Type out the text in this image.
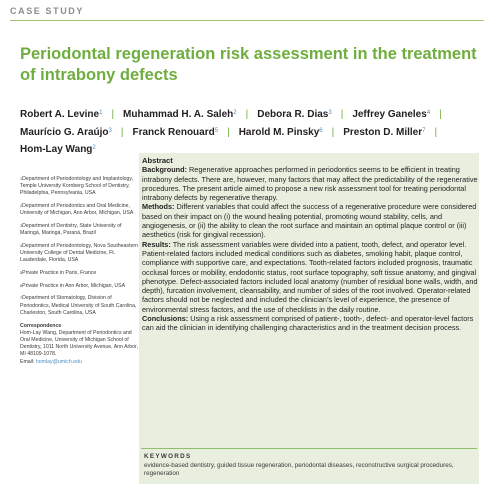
CASE STUDY
Periodontal regeneration risk assessment in the treatment of intrabony defects
Robert A. Levine$^1$ | Muhammad H. A. Saleh$^2$ | Debora R. Dias$^3$ | Jeffrey Ganeles$^4$ |
Maurício G. Araújo$^3$ | Franck Renouard$^5$ | Harold M. Pinsky$^6$ | Preston D. Miller$^7$ |
Hom-Lay Wang$^2$
$^1$Department of Periodontology and Implantology, Temple University Kornberg School of Dentistry, Philadelphia, Pennsylvania, USA
$^2$Department of Periodontics and Oral Medicine, University of Michigan, Ann Arbor, Michigan, USA
$^3$Department of Dentistry, State University of Maringá, Maringá, Paraná, Brazil
$^4$Department of Periodontology, Nova Southeastern University College of Dental Medicine, Ft. Lauderdale, Florida, USA
$^5$Private Practice in Paris, France
$^6$Private Practice in Ann Arbor, Michigan, USA
$^7$Department of Stomatology, Division of Periodontics, Medical University of South Carolina, Charleston, South Carolina, USA
Correspondence
Hom-Lay Wang, Department of Periodontics and Oral Medicine, University of Michigan School of Dentistry, 1011 North University Avenue, Ann Arbor, MI 48109-1078.
Email: homlay@umich.edu
Abstract
Background: Regenerative approaches performed in periodontics seems to be efficient in treating intrabony defects. There are, however, many factors that may affect the predictability of the regenerative procedures. The present article aimed to propose a new risk assessment tool for treating periodontal intrabony defects by regenerative therapy.
Methods: Different variables that could affect the success of a regenerative procedure were considered based on their impact on (i) the wound healing potential, promoting wound stability, cells, and angiogenesis, or (ii) the ability to clean the root surface and maintain an optimal plaque control or (iii) aesthetics (risk for gingival recession).
Results: The risk assessment variables were divided into a patient, tooth, defect, and operator level. Patient-related factors included medical conditions such as diabetes, smoking habit, plaque control, compliance with supportive care, and expectations. Tooth-related factors included prognosis, traumatic occlusal forces or mobility, endodontic status, root surface topography, soft tissue anatomy, and gingival phenotype. Defect-associated factors included local anatomy (number of residual bone walls, width, and depth), furcation involvement, cleansability, and number of sides of the root involved. Operator-related factors should not be neglected and included the clinician’s level of experience, the presence of environmental stress factors, and the use of checklists in the daily routine.
Conclusions: Using a risk assessment comprised of patient-, tooth-, defect- and operator-level factors can aid the clinician in identifying challenging characteristics and in the treatment decision process.
KEYWORDS
evidence-based dentistry, guided tissue regeneration, periodontal diseases, reconstructive surgical procedures, regeneration
